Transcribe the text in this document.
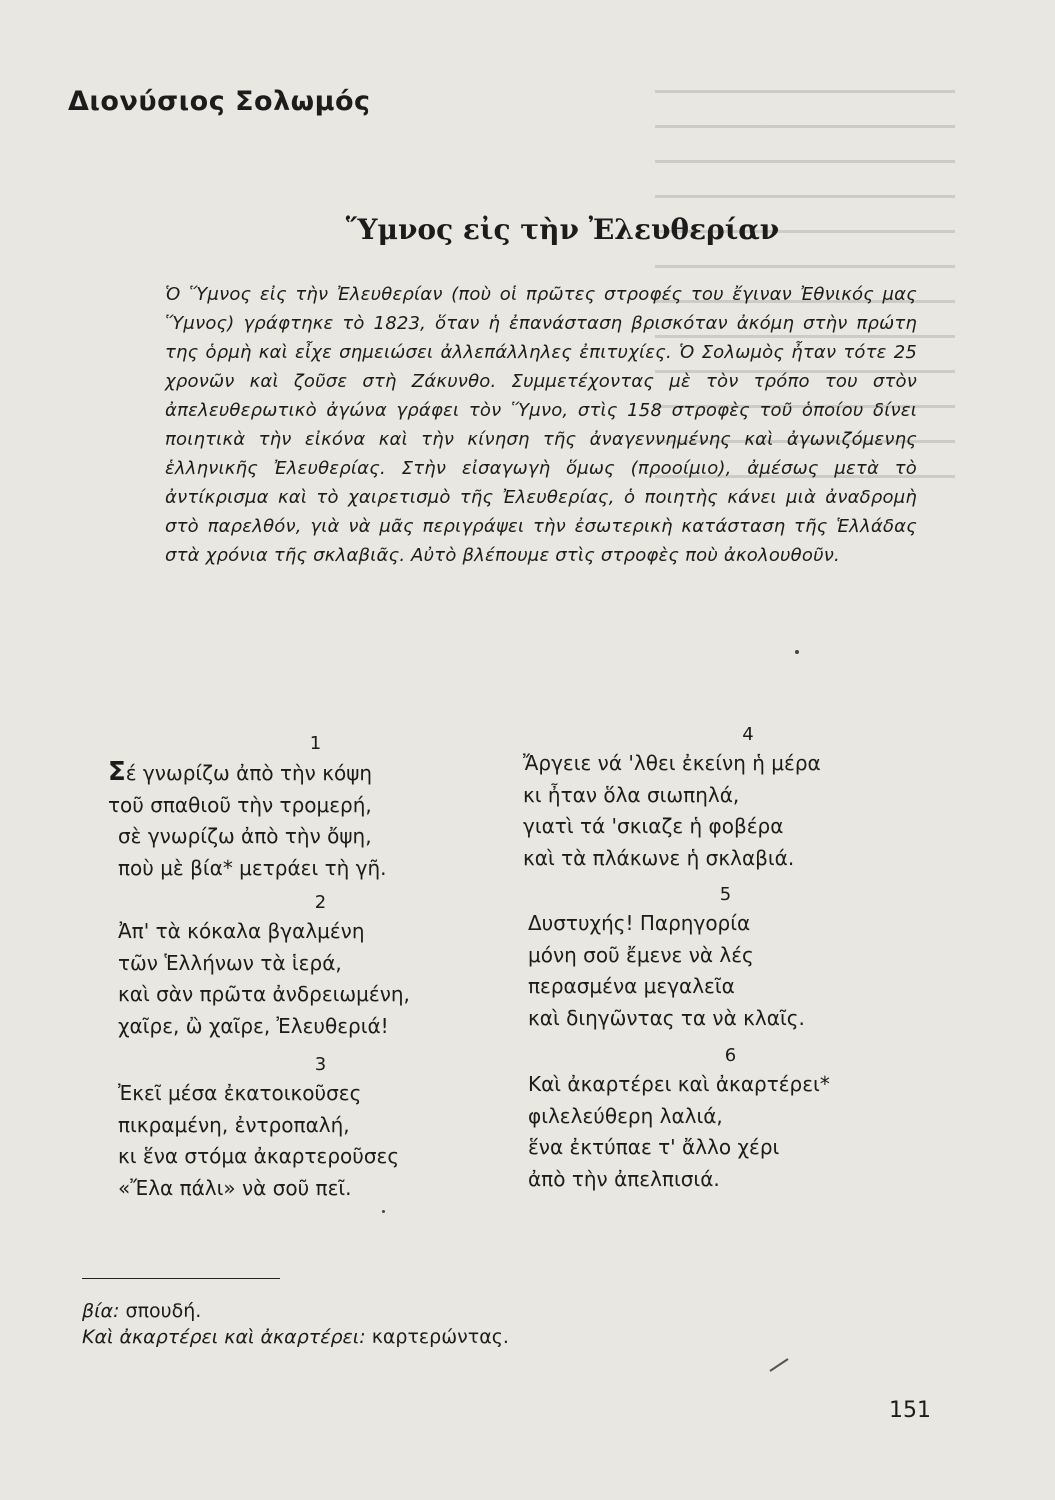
Διονύσιος Σολωμός
Ὕμνος εἰς τὴν Ἐλευθερίαν
Ὁ Ὕμνος εἰς τὴν Ἐλευθερίαν (ποὺ οἱ πρῶτες στροφές του ἔγιναν Ἐθνικός μας Ὕμνος) γράφτηκε τὸ 1823, ὅταν ἡ ἐπανάσταση βρισκόταν ἀκόμη στὴν πρώτη της ὁρμὴ καὶ εἶχε σημειώσει ἀλλεπάλληλες ἐπιτυχίες. Ὁ Σολωμὸς ἦταν τότε 25 χρονῶν καὶ ζοῦσε στὴ Ζάκυνθο. Συμμετέχοντας μὲ τὸν τρόπο του στὸν ἀπελευθερωτικὸ ἀγώνα γράφει τὸν Ὕμνο, στὶς 158 στροφὲς τοῦ ὁποίου δίνει ποιητικὰ τὴν εἰκόνα καὶ τὴν κίνηση τῆς ἀναγεννημένης καὶ ἀγωνιζόμενης ἑλληνικῆς Ἐλευθερίας. Στὴν εἰσαγωγὴ ὅμως (προοίμιο), ἀμέσως μετὰ τὸ ἀντίκρισμα καὶ τὸ χαιρετισμὸ τῆς Ἐλευθερίας, ὁ ποιητὴς κάνει μιὰ ἀναδρομὴ στὸ παρελθόν, γιὰ νὰ μᾶς περιγράψει τὴν ἐσωτερικὴ κατάσταση τῆς Ἑλλάδας στὰ χρόνια τῆς σκλαβιᾶς. Αὐτὸ βλέπουμε στὶς στροφὲς ποὺ ἀκολουθοῦν.
1
Σέ γνωρίζω ἀπὸ τὴν κόψη
τοῦ σπαθιοῦ τὴν τρομερή,
σὲ γνωρίζω ἀπὸ τὴν ὄψη,
ποὺ μὲ βία* μετράει τὴ γῆ.
2
Ἀπ' τὰ κόκαλα βγαλμένη
τῶν Ἑλλήνων τὰ ἱερά,
καὶ σὰν πρῶτα ἀνδρειωμένη,
χαῖρε, ὢ χαῖρε, Ἐλευθεριά!
3
Ἐκεῖ μέσα ἐκατοικοῦσες
πικραμένη, ἐντροπαλή,
κι ἕνα στόμα ἀκαρτεροῦσες
«Ἔλα πάλι» νὰ σοῦ πεῖ.
4
Ἄργειε νά 'λθει ἐκείνη ἡ μέρα
κι ἦταν ὅλα σιωπηλά,
γιατὶ τά 'σκιαζε ἡ φοβέρα
καὶ τὰ πλάκωνε ἡ σκλαβιά.
5
Δυστυχής! Παρηγορία
μόνη σοῦ ἔμενε νὰ λές
περασμένα μεγαλεῖα
καὶ διηγῶντας τα νὰ κλαῖς.
6
Καὶ ἀκαρτέρει καὶ ἀκαρτέρει*
φιλελεύθερη λαλιά,
ἕνα ἐκτύπαε τ' ἄλλο χέρι
ἀπὸ τὴν ἀπελπισιά.
βία: σπουδή.
Καὶ ἀκαρτέρει καὶ ἀκαρτέρει: καρτερώντας.
151
